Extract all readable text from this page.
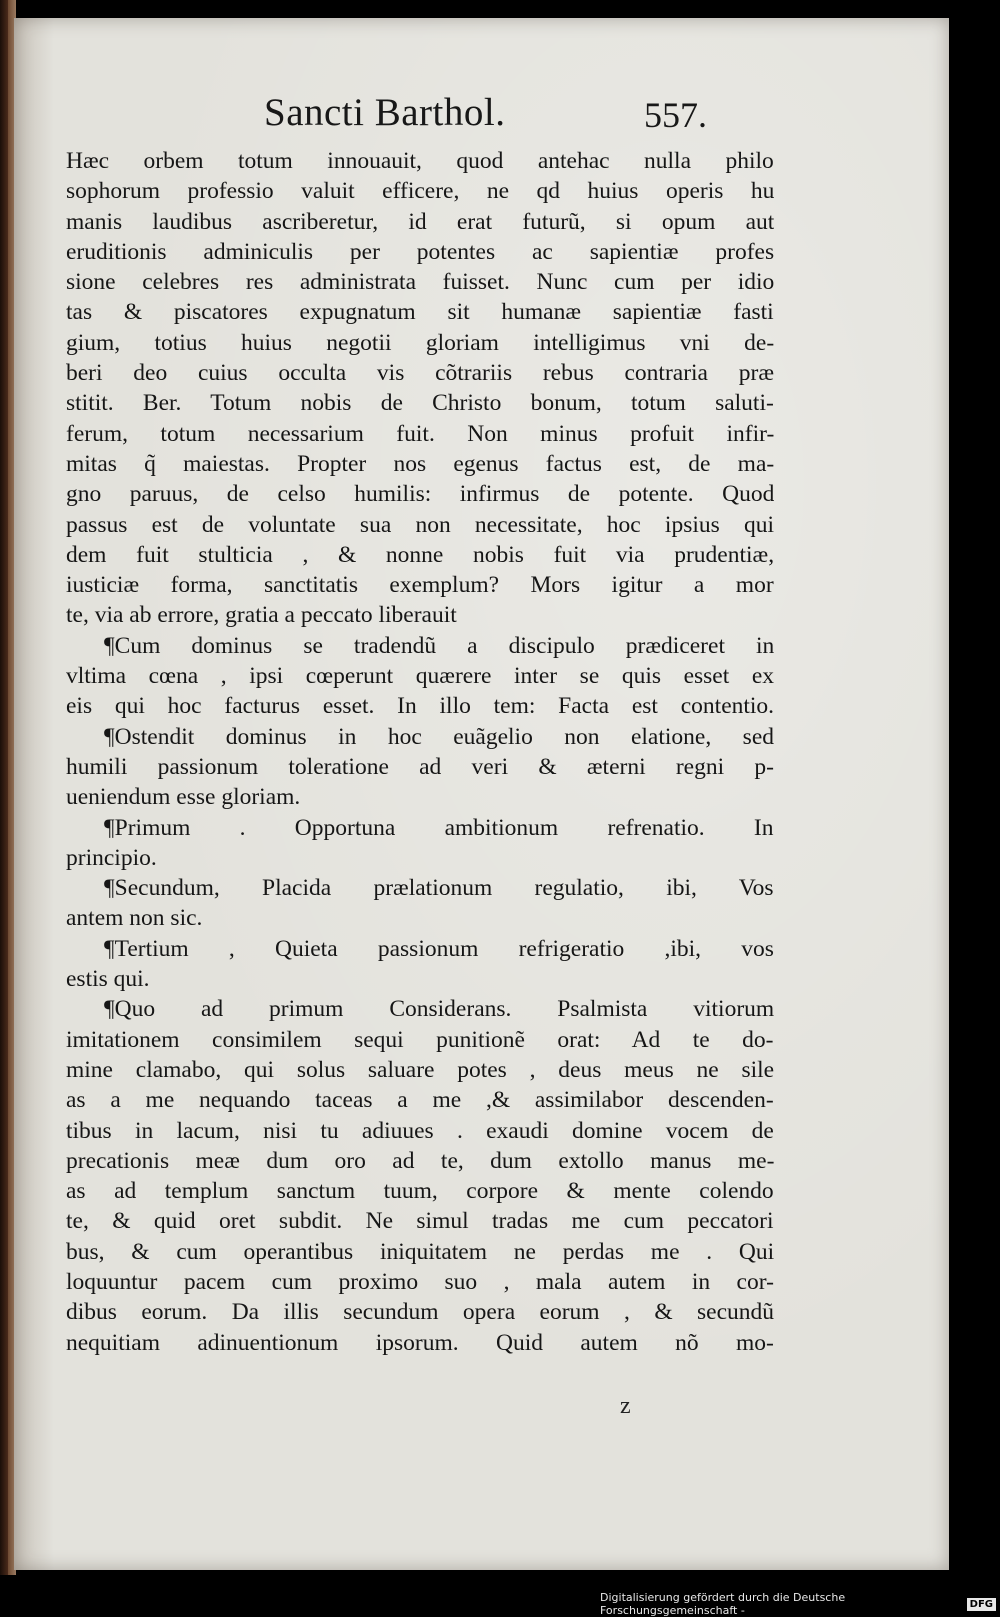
Sancti Barthol.	557.
Hæc orbem totum innouauit, quod antehac nulla philo
sophorum professio valuit efficere, ne qd huius operis hu
manis laudibus ascriberetur, id erat futurũ, si opum aut
eruditionis adminiculis per potentes ac sapientiæ profes
sione celebres res administrata fuisset. Nunc cum per idio
tas & piscatores expugnatum sit humanæ sapientiæ fasti
gium, totius huius negotii gloriam intelligimus vni de-
beri deo cuius occulta vis cõtrariis rebus contraria præ
stitit. Ber. Totum nobis de Christo bonum, totum saluti-
ferum, totum necessarium fuit. Non minus profuit infir-
mitas q̃ maiestas. Propter nos egenus factus est, de ma-
gno paruus, de celso humilis: infirmus de potente. Quod
passus est de voluntate sua non necessitate, hoc ipsius qui
dem fuit stulticia , & nonne nobis fuit via prudentiæ,
iusticiæ forma, sanctitatis exemplum? Mors igitur a mor
te, via ab errore, gratia a peccato liberauit
¶Cum dominus se tradendũ a discipulo prædiceret in
vltima cœna , ipsi cœperunt quærere inter se quis esset ex
eis qui hoc facturus esset. In illo tem: Facta est contentio.
¶Ostendit dominus in hoc euãgelio non elatione, sed
humili passionum toleratione ad veri & æterni regni p-
ueniendum esse gloriam.
¶Primum . Opportuna ambitionum refrenatio. In
principio.
¶Secundum, Placida prælationum regulatio, ibi, Vos
antem non sic.
¶Tertium , Quieta passionum refrigeratio ,ibi, vos
estis qui.
¶Quo ad primum Considerans. Psalmista vitiorum
imitationem consimilem sequi punitionẽ orat: Ad te do-
mine clamabo, qui solus saluare potes , deus meus ne sile
as a me nequando taceas a me ,& assimilabor descenden-
tibus in lacum, nisi tu adiuues . exaudi domine vocem de
precationis meæ dum oro ad te, dum extollo manus me-
as ad templum sanctum tuum, corpore & mente colendo
te, & quid oret subdit. Ne simul tradas me cum peccatori
bus, & cum operantibus iniquitatem ne perdas me . Qui
loquuntur pacem cum proximo suo , mala autem in cor-
dibus eorum. Da illis secundum opera eorum , & secundũ
nequitiam adinuentionum ipsorum. Quid autem nõ mo-
z
Digitalisierung gefördert durch die Deutsche Forschungsgemeinschaft -	DFG
